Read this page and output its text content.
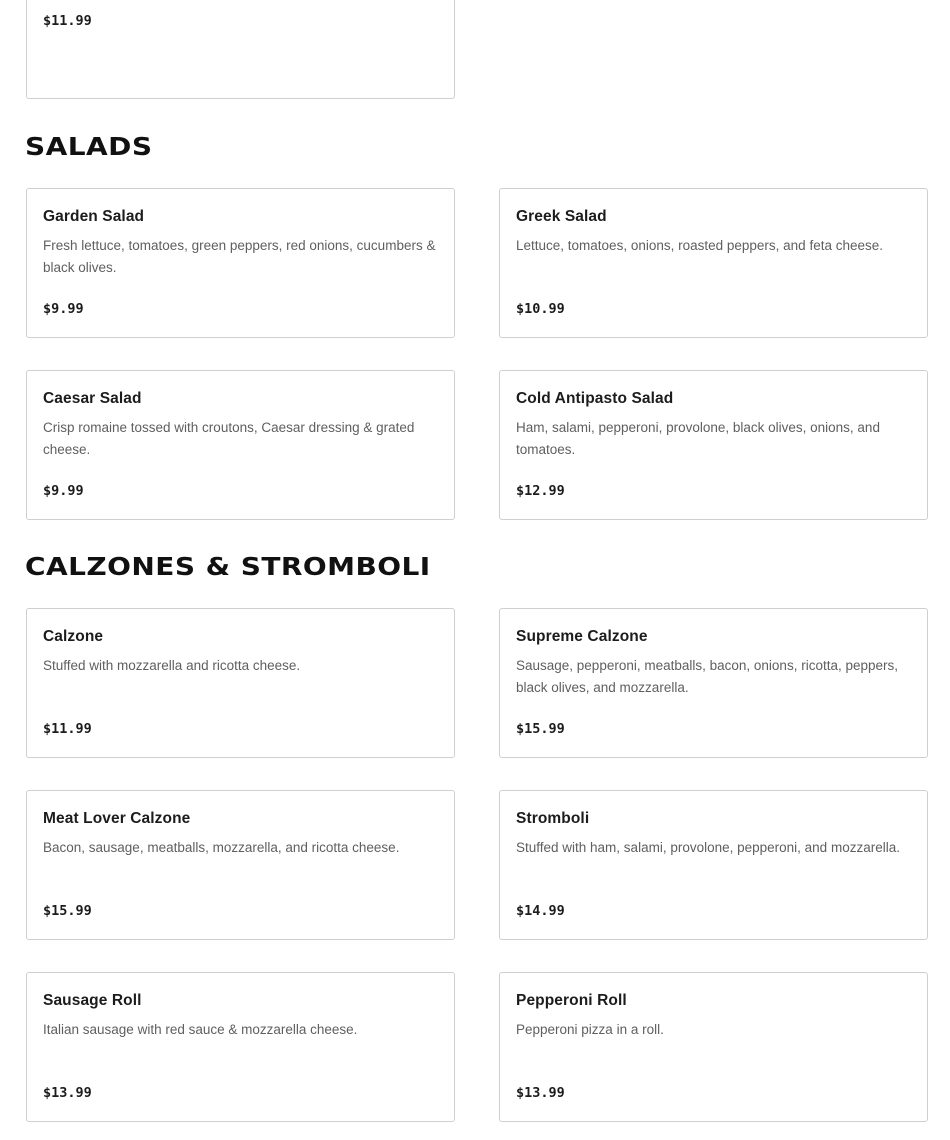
$11.99
SALADS
Garden Salad
Fresh lettuce, tomatoes, green peppers, red onions, cucumbers & black olives.
$9.99
Greek Salad
Lettuce, tomatoes, onions, roasted peppers, and feta cheese.
$10.99
Caesar Salad
Crisp romaine tossed with croutons, Caesar dressing & grated cheese.
$9.99
Cold Antipasto Salad
Ham, salami, pepperoni, provolone, black olives, onions, and tomatoes.
$12.99
CALZONES & STROMBOLI
Calzone
Stuffed with mozzarella and ricotta cheese.
$11.99
Supreme Calzone
Sausage, pepperoni, meatballs, bacon, onions, ricotta, peppers, black olives, and mozzarella.
$15.99
Meat Lover Calzone
Bacon, sausage, meatballs, mozzarella, and ricotta cheese.
$15.99
Stromboli
Stuffed with ham, salami, provolone, pepperoni, and mozzarella.
$14.99
Sausage Roll
Italian sausage with red sauce & mozzarella cheese.
$13.99
Pepperoni Roll
Pepperoni pizza in a roll.
$13.99
